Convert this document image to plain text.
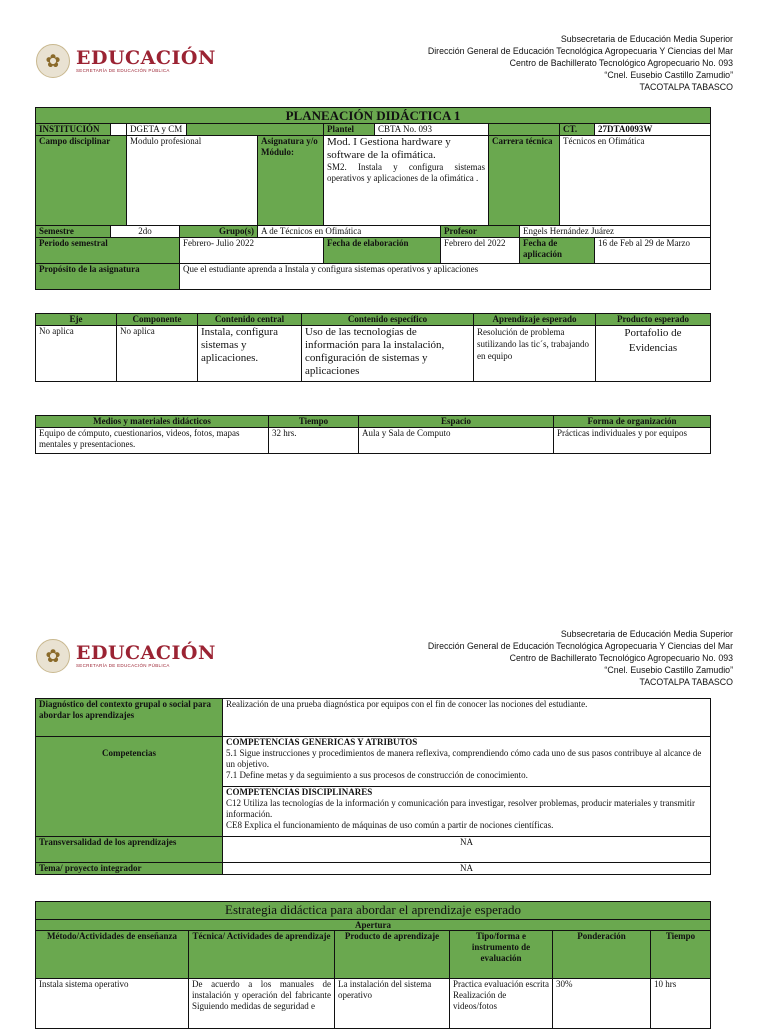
✿ EDUCACIÓN
SECRETARÍA DE EDUCACIÓN PÚBLICA
Subsecretaria de Educación Media Superior
Dirección General de Educación Tecnológica Agropecuaria Y Ciencias del Mar
Centro de Bachillerato Tecnológico Agropecuario No. 093
“Cnel. Eusebio Castillo Zamudio”
TACOTALPA TABASCO
PLANEACIÓN DIDÁCTICA 1												
INSTITUCIÓN		DGETA y CM				Plantel	CBTA No. 093				CT.	27DTA0093W
Campo disciplinar		Modulo profesional			Asignatura y/o Módulo:	Mod. I Gestiona hardware y software de la ofimática.
SM2. Instala y configura sistemas operativos y aplicaciones de la ofimática .			Carrera técnica		Técnicos en Ofimática	
Semestre	2do		Grupo(s)		A de Técnicos en Ofimática			Profesor		Engels Hernández Juárez		
Periodo semestral			Febrero- Julio 2022			Fecha de elaboración		Febrero del 2022		Fecha de aplicación		16 de Feb al 29 de Marzo
Propósito de la asignatura			Que el estudiante aprenda a Instala y configura sistemas operativos y aplicaciones									
Eje	Componente	Contenido central	Contenido específico	Aprendizaje esperado	Producto esperado
No aplica	No aplica	Instala, configura sistemas y aplicaciones.	Uso de las tecnologías de información para la instalación, configuración de sistemas y aplicaciones	Resolución de problema sutilizando las tic´s, trabajando en equipo	Portafolio de Evidencias
Medios y materiales didácticos	Tiempo	Espacio	Forma de organización
Equipo de cómputo, cuestionarios, videos, fotos, mapas mentales y presentaciones.	32 hrs.	Aula y Sala de Computo	Prácticas individuales y por equipos
✿ EDUCACIÓN
SECRETARÍA DE EDUCACIÓN PÚBLICA
Subsecretaria de Educación Media Superior
Dirección General de Educación Tecnológica Agropecuaria Y Ciencias del Mar
Centro de Bachillerato Tecnológico Agropecuario No. 093
“Cnel. Eusebio Castillo Zamudio”
TACOTALPA TABASCO
Diagnóstico del contexto grupal o social para abordar los aprendizajes	Realización de una prueba diagnóstica por equipos con el fin de conocer las nociones del estudiante.
Competencias	COMPETENCIAS GENERICAS Y ATRIBUTOS
5.1 Sigue instrucciones y procedimientos de manera reflexiva, comprendiendo cómo cada uno de sus pasos contribuye al alcance de un objetivo.
7.1 Define metas y da seguimiento a sus procesos de construcción de conocimiento.

	COMPETENCIAS DISCIPLINARES
C12 Utiliza las tecnologías de la información y comunicación para investigar, resolver problemas, producir materiales y transmitir información.
CE8 Explica el funcionamiento de máquinas de uso común a partir de nociones científicas.

Transversalidad de los aprendizajes	NA
Tema/ proyecto integrador	NA
Estrategia didáctica para abordar el aprendizaje esperado					
Apertura					
Método/Actividades de enseñanza	Técnica/ Actividades de aprendizaje	Producto de aprendizaje	Tipo/forma e instrumento de evaluación	Ponderación	Tiempo
Instala sistema operativo	De acuerdo a los manuales de instalación y operación del fabricante Siguiendo medidas de seguridad e	La instalación del sistema operativo	Practica evaluación escrita Realización de videos/fotos	30%	10 hrs
